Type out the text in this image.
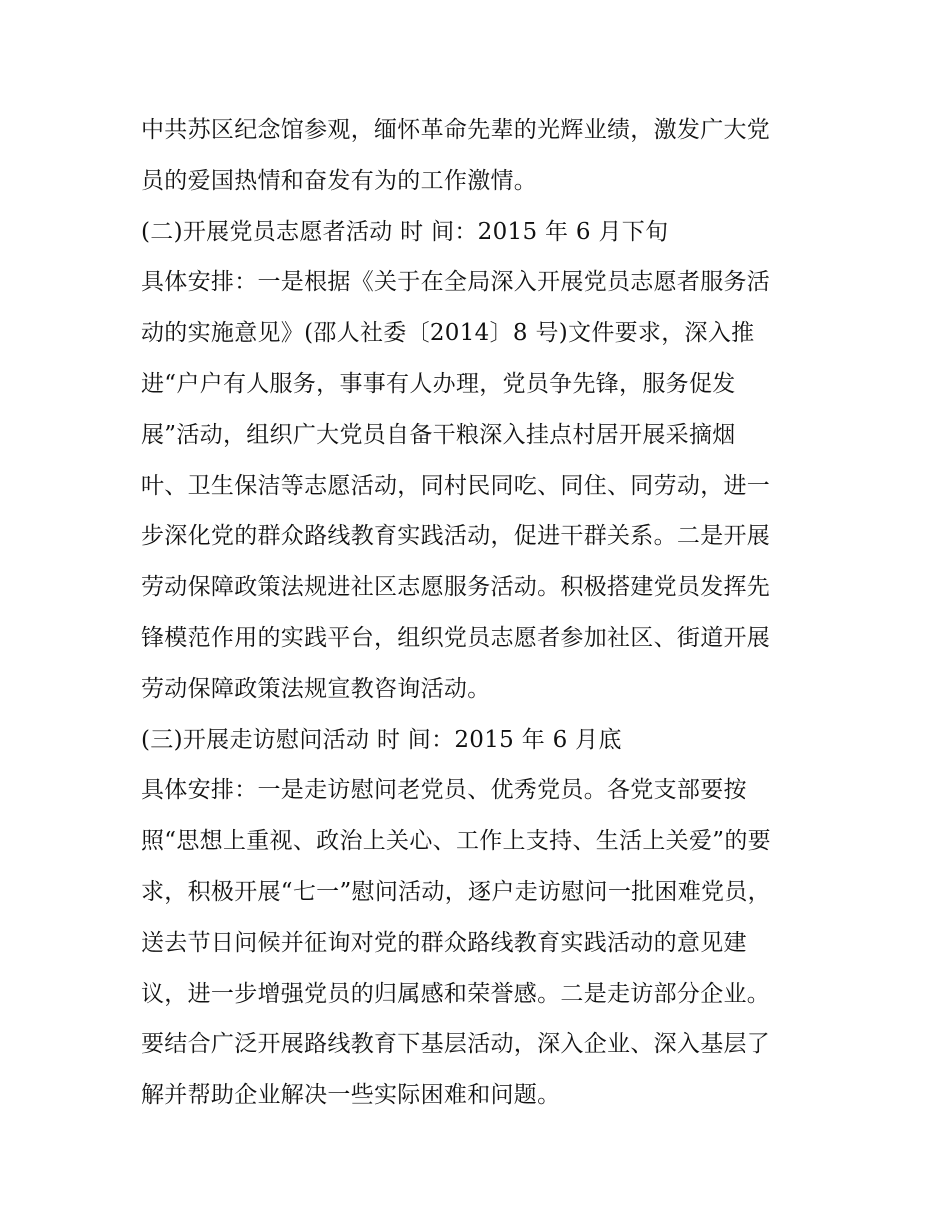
中共苏区纪念馆参观，缅怀革命先辈的光辉业绩，激发广大党
员的爱国热情和奋发有为的工作激情。
(二)开展党员志愿者活动 时 间：2015 年 6 月下旬
具体安排：一是根据《关于在全局深入开展党员志愿者服务活
动的实施意见》(邵人社委〔2014〕8 号)文件要求，深入推
进“户户有人服务，事事有人办理，党员争先锋，服务促发
展”活动，组织广大党员自备干粮深入挂点村居开展采摘烟
叶、卫生保洁等志愿活动，同村民同吃、同住、同劳动，进一
步深化党的群众路线教育实践活动，促进干群关系。二是开展
劳动保障政策法规进社区志愿服务活动。积极搭建党员发挥先
锋模范作用的实践平台，组织党员志愿者参加社区、街道开展
劳动保障政策法规宣教咨询活动。
(三)开展走访慰问活动 时 间：2015 年 6 月底
具体安排：一是走访慰问老党员、优秀党员。各党支部要按
照“思想上重视、政治上关心、工作上支持、生活上关爱”的要
求，积极开展“七一”慰问活动，逐户走访慰问一批困难党员，
送去节日问候并征询对党的群众路线教育实践活动的意见建
议，进一步增强党员的归属感和荣誉感。二是走访部分企业。
要结合广泛开展路线教育下基层活动，深入企业、深入基层了
解并帮助企业解决一些实际困难和问题。
